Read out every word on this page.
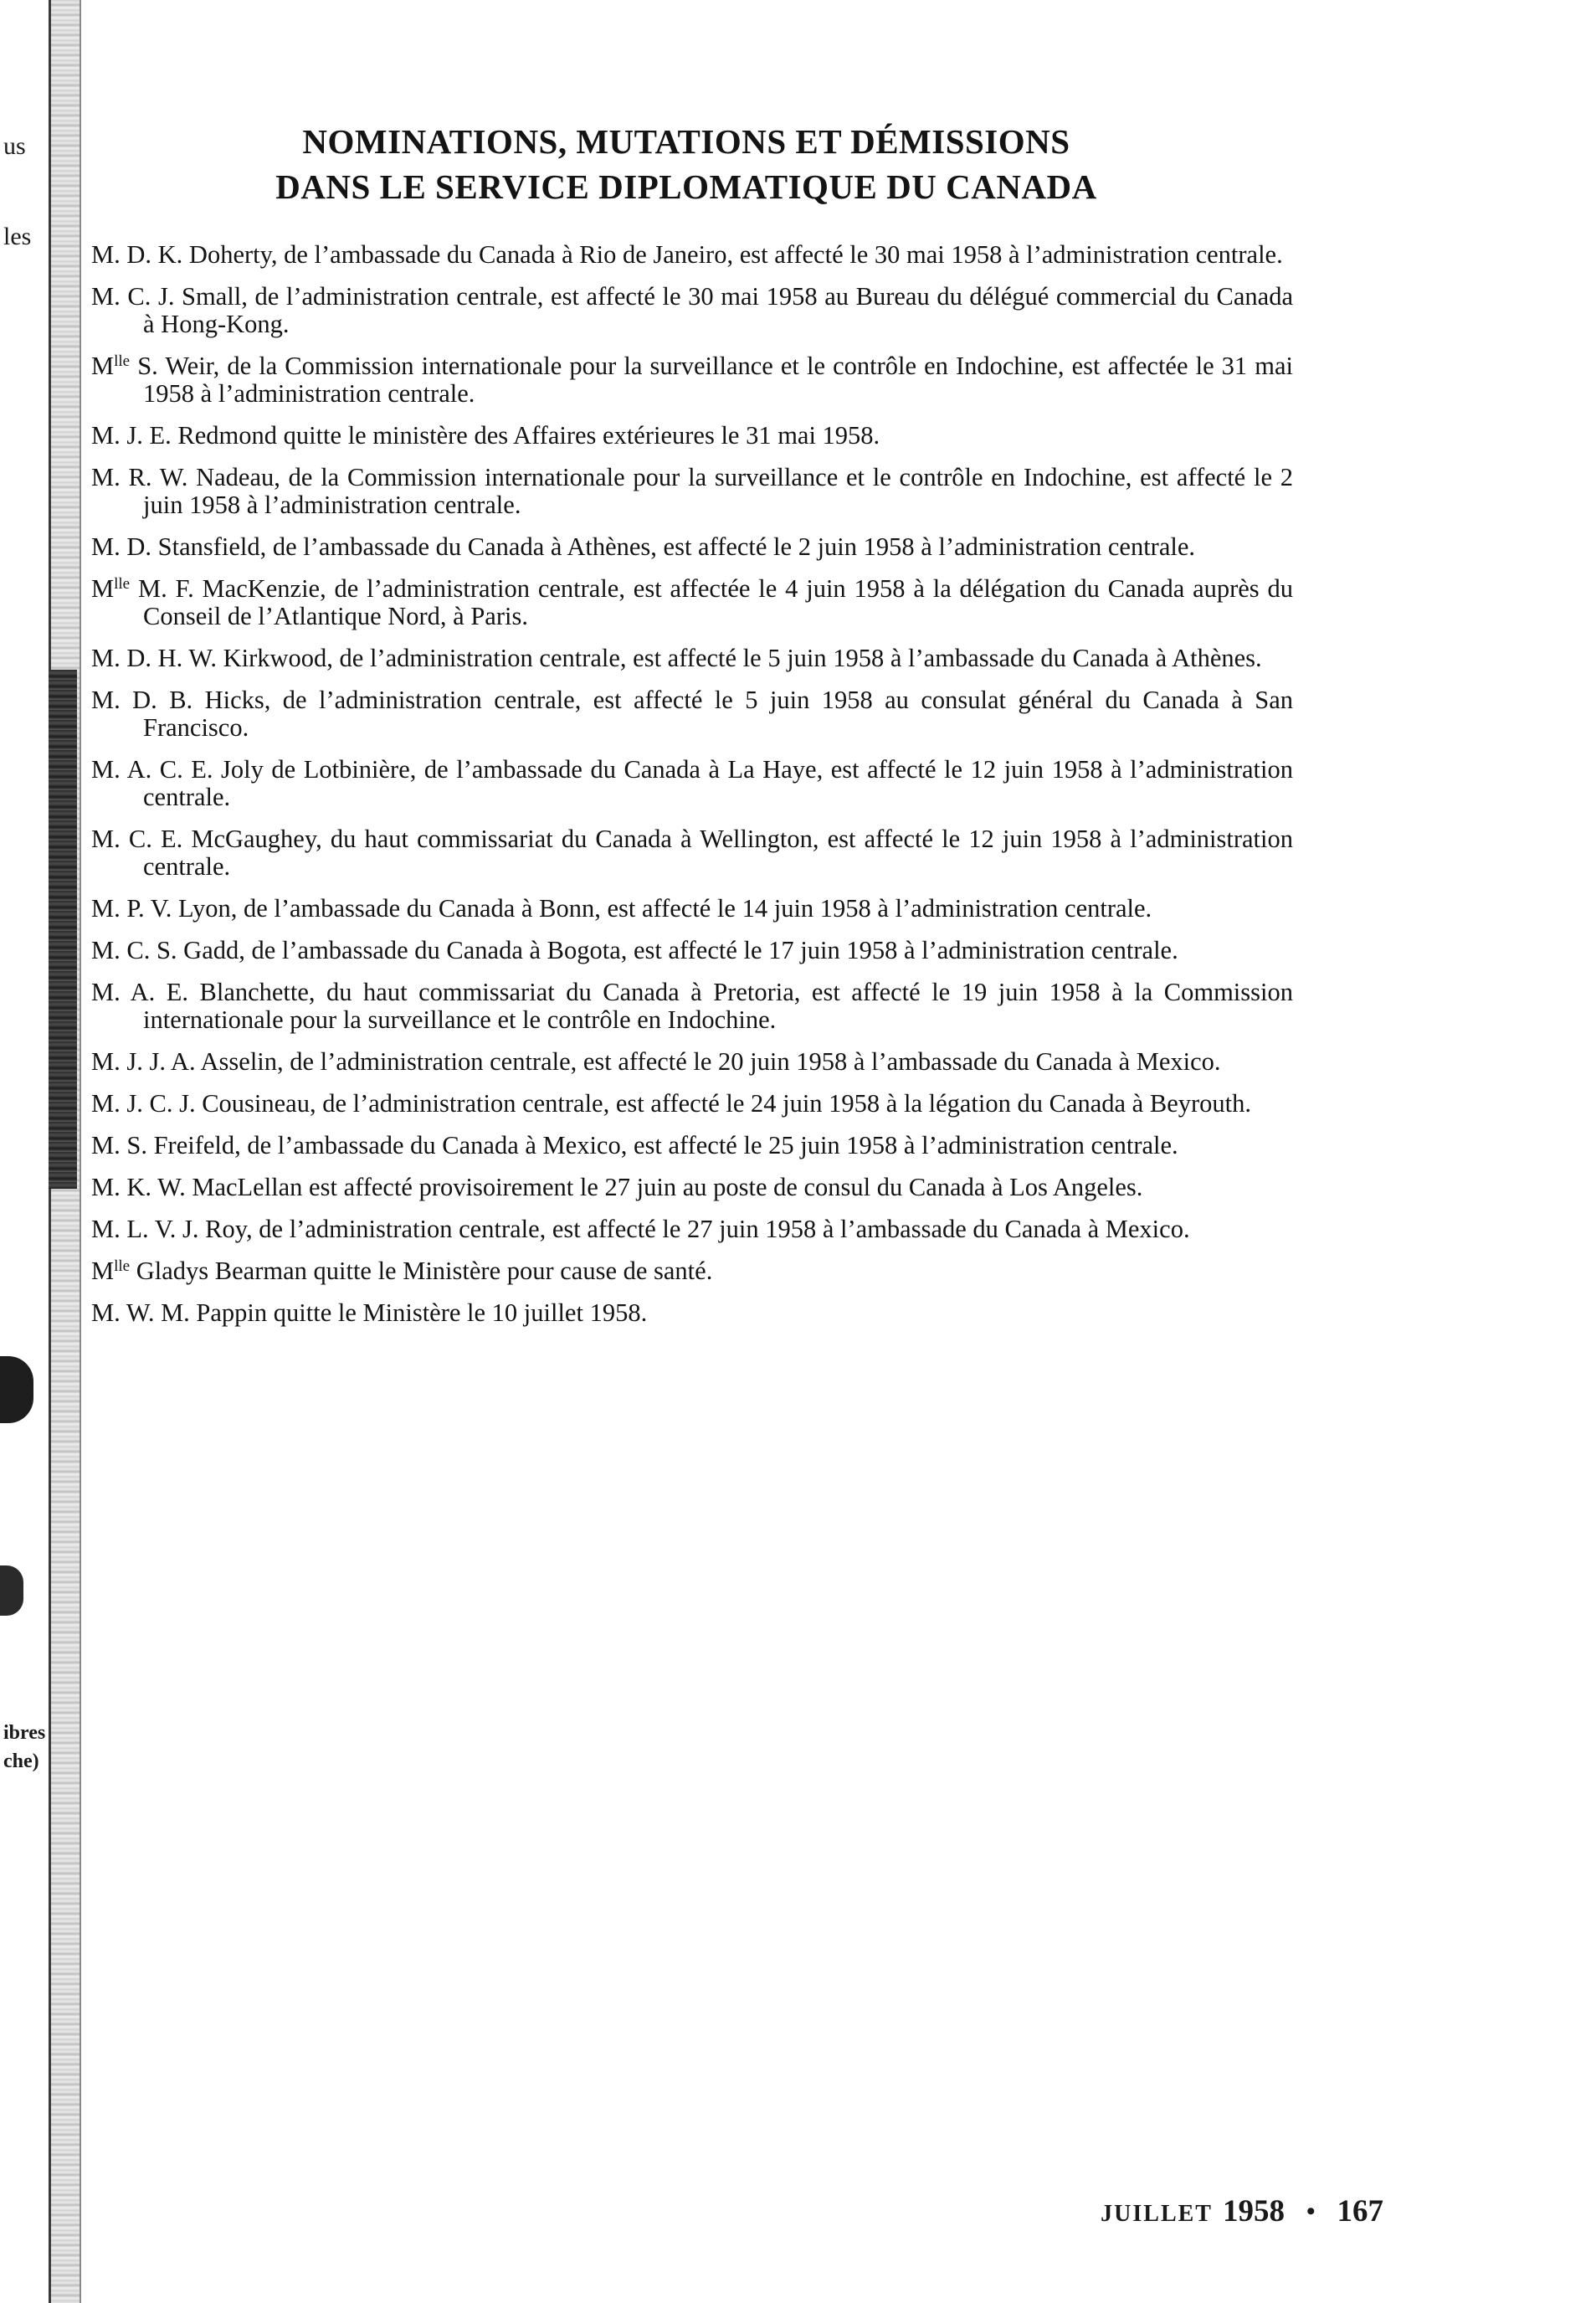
us
les
ibres
che)
NOMINATIONS, MUTATIONS ET DÉMISSIONS
DANS LE SERVICE DIPLOMATIQUE DU CANADA
M. D. K. Doherty, de l’ambassade du Canada à Rio de Janeiro, est affecté le 30 mai 1958 à l’administration centrale.
M. C. J. Small, de l’administration centrale, est affecté le 30 mai 1958 au Bureau du délégué commercial du Canada à Hong-Kong.
$M^{lle}$ S. Weir, de la Commission internationale pour la surveillance et le contrôle en Indochine, est affectée le 31 mai 1958 à l’administration centrale.
M. J. E. Redmond quitte le ministère des Affaires extérieures le 31 mai 1958.
M. R. W. Nadeau, de la Commission internationale pour la surveillance et le contrôle en Indochine, est affecté le 2 juin 1958 à l’administration centrale.
M. D. Stansfield, de l’ambassade du Canada à Athènes, est affecté le 2 juin 1958 à l’administration centrale.
$M^{lle}$ M. F. MacKenzie, de l’administration centrale, est affectée le 4 juin 1958 à la délégation du Canada auprès du Conseil de l’Atlantique Nord, à Paris.
M. D. H. W. Kirkwood, de l’administration centrale, est affecté le 5 juin 1958 à l’ambassade du Canada à Athènes.
M. D. B. Hicks, de l’administration centrale, est affecté le 5 juin 1958 au consulat général du Canada à San Francisco.
M. A. C. E. Joly de Lotbinière, de l’ambassade du Canada à La Haye, est affecté le 12 juin 1958 à l’administration centrale.
M. C. E. McGaughey, du haut commissariat du Canada à Wellington, est affecté le 12 juin 1958 à l’administration centrale.
M. P. V. Lyon, de l’ambassade du Canada à Bonn, est affecté le 14 juin 1958 à l’administration centrale.
M. C. S. Gadd, de l’ambassade du Canada à Bogota, est affecté le 17 juin 1958 à l’administration centrale.
M. A. E. Blanchette, du haut commissariat du Canada à Pretoria, est affecté le 19 juin 1958 à la Commission internationale pour la surveillance et le contrôle en Indochine.
M. J. J. A. Asselin, de l’administration centrale, est affecté le 20 juin 1958 à l’ambassade du Canada à Mexico.
M. J. C. J. Cousineau, de l’administration centrale, est affecté le 24 juin 1958 à la légation du Canada à Beyrouth.
M. S. Freifeld, de l’ambassade du Canada à Mexico, est affecté le 25 juin 1958 à l’administration centrale.
M. K. W. MacLellan est affecté provisoirement le 27 juin au poste de consul du Canada à Los Angeles.
M. L. V. J. Roy, de l’administration centrale, est affecté le 27 juin 1958 à l’ambassade du Canada à Mexico.
$M^{lle}$ Gladys Bearman quitte le Ministère pour cause de santé.
M. W. M. Pappin quitte le Ministère le 10 juillet 1958.
JUILLET 1958 • 167
